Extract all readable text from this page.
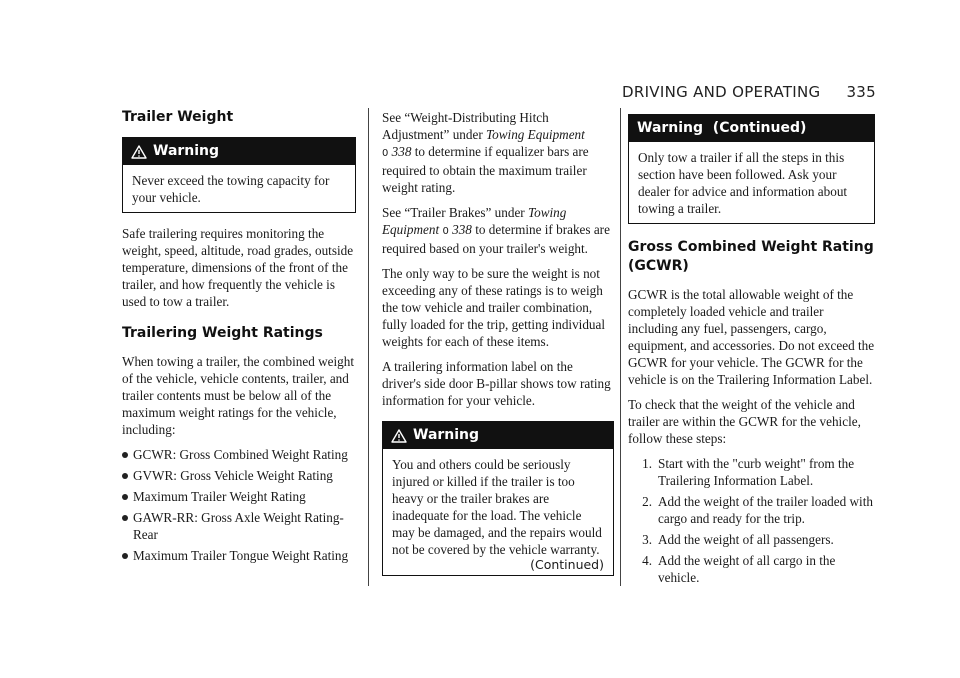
DRIVING AND OPERATING 335
Trailer Weight
Warning

Never exceed the towing capacity for your vehicle.

Safe trailering requires monitoring the weight, speed, altitude, road grades, outside temperature, dimensions of the front of the trailer, and how frequently the vehicle is used to tow a trailer.

Trailering Weight Ratings

When towing a trailer, the combined weight of the vehicle, vehicle contents, trailer, and trailer contents must be below all of the maximum weight ratings for the vehicle, including:

GCWR: Gross Combined Weight Rating
GVWR: Gross Vehicle Weight Rating
Maximum Trailer Weight Rating
GAWR-RR: Gross Axle Weight Rating-Rear
Maximum Trailer Tongue Weight Rating

See “Weight-Distributing Hitch Adjustment” under Towing Equipment
0 338 to determine if equalizer bars are required to obtain the maximum trailer weight rating.

See “Trailer Brakes” under Towing Equipment 0 338 to determine if brakes are required based on your trailer's weight.

The only way to be sure the weight is not exceeding any of these ratings is to weigh the tow vehicle and trailer combination, fully loaded for the trip, getting individual weights for each of these items.

A trailering information label on the driver's side door B-pillar shows tow rating information for your vehicle.

Warning

You and others could be seriously injured or killed if the trailer is too heavy or the trailer brakes are inadequate for the load. The vehicle may be damaged, and the repairs would not be covered by the vehicle warranty.

(Continued)
Warning  (Continued)

Only tow a trailer if all the steps in this section have been followed. Ask your dealer for advice and information about towing a trailer.

Gross Combined Weight Rating (GCWR)

GCWR is the total allowable weight of the completely loaded vehicle and trailer including any fuel, passengers, cargo, equipment, and accessories. Do not exceed the GCWR for your vehicle. The GCWR for the vehicle is on the Trailering Information Label.

To check that the weight of the vehicle and trailer are within the GCWR for the vehicle, follow these steps:

1. Start with the "curb weight" from the Trailering Information Label.
2. Add the weight of the trailer loaded with cargo and ready for the trip.
3. Add the weight of all passengers.
4. Add the weight of all cargo in the vehicle.
